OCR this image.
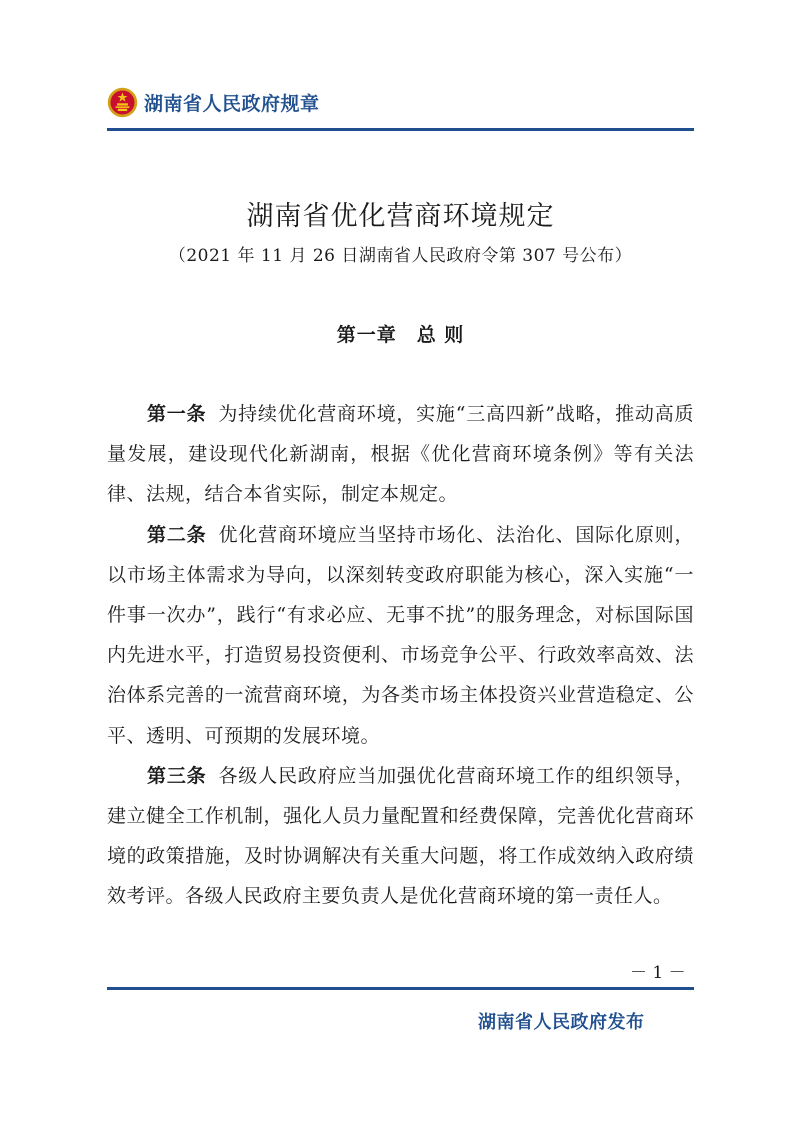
湖南省人民政府规章
湖南省优化营商环境规定
（2021 年 11 月 26 日湖南省人民政府令第 307 号公布）
第一章　总 则

第一条 为持续优化营商环境，实施“三高四新”战略，推动高质量发展，建设现代化新湖南，根据《优化营商环境条例》等有关法律、法规，结合本省实际，制定本规定。

第二条 优化营商环境应当坚持市场化、法治化、国际化原则，以市场主体需求为导向，以深刻转变政府职能为核心，深入实施“一件事一次办”，践行“有求必应、无事不扰”的服务理念，对标国际国内先进水平，打造贸易投资便利、市场竞争公平、行政效率高效、法治体系完善的一流营商环境，为各类市场主体投资兴业营造稳定、公平、透明、可预期的发展环境。

第三条 各级人民政府应当加强优化营商环境工作的组织领导，建立健全工作机制，强化人员力量配置和经费保障，完善优化营商环境的政策措施，及时协调解决有关重大问题，将工作成效纳入政府绩效考评。各级人民政府主要负责人是优化营商环境的第一责任人。

－ 1 －
湖南省人民政府发布
